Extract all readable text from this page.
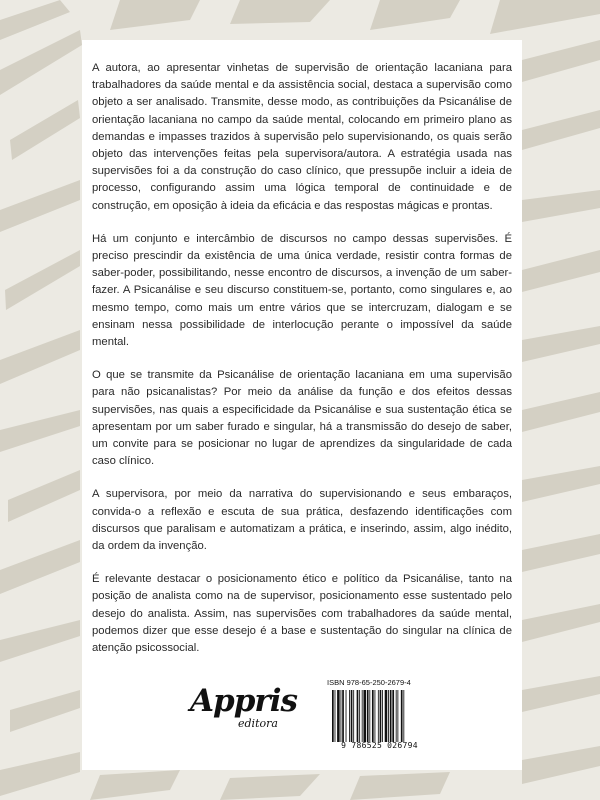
A autora, ao apresentar vinhetas de supervisão de orientação lacaniana para trabalhadores da saúde mental e da assistência social, destaca a supervisão como objeto a ser analisado. Transmite, desse modo, as contribuições da Psicanálise de orientação lacaniana no campo da saúde mental, colocando em primeiro plano as demandas e impasses trazidos à supervisão pelo supervisionando, os quais serão objeto das intervenções feitas pela supervisora/autora. A estratégia usada nas supervisões foi a da construção do caso clínico, que pressupõe incluir a ideia de processo, configurando assim uma lógica temporal de continuidade e de construção, em oposição à ideia da eficácia e das respostas mágicas e prontas.

Há um conjunto e intercâmbio de discursos no campo dessas supervisões. É preciso prescindir da existência de uma única verdade, resistir contra formas de saber-poder, possibilitando, nesse encontro de discursos, a invenção de um saber-fazer. A Psicanálise e seu discurso constituem-se, portanto, como singulares e, ao mesmo tempo, como mais um entre vários que se intercruzam, dialogam e se ensinam nessa possibilidade de interlocução perante o impossível da saúde mental.

O que se transmite da Psicanálise de orientação lacaniana em uma supervisão para não psicanalistas? Por meio da análise da função e dos efeitos dessas supervisões, nas quais a especificidade da Psicanálise e sua sustentação ética se apresentam por um saber furado e singular, há a transmissão do desejo de saber, um convite para se posicionar no lugar de aprendizes da singularidade de cada caso clínico.

A supervisora, por meio da narrativa do supervisionando e seus embaraços, convida-o a reflexão e escuta de sua prática, desfazendo identificações com discursos que paralisam e automatizam a prática, e inserindo, assim, algo inédito, da ordem da invenção.

É relevante destacar o posicionamento ético e político da Psicanálise, tanto na posição de analista como na de supervisor, posicionamento esse sustentado pelo desejo do analista. Assim, nas supervisões com trabalhadores da saúde mental, podemos dizer que esse desejo é a base e sustentação do singular na clínica de atenção psicossocial.

Appris
editora
ISBN 978-65-250-2679-4
9 786525 026794
